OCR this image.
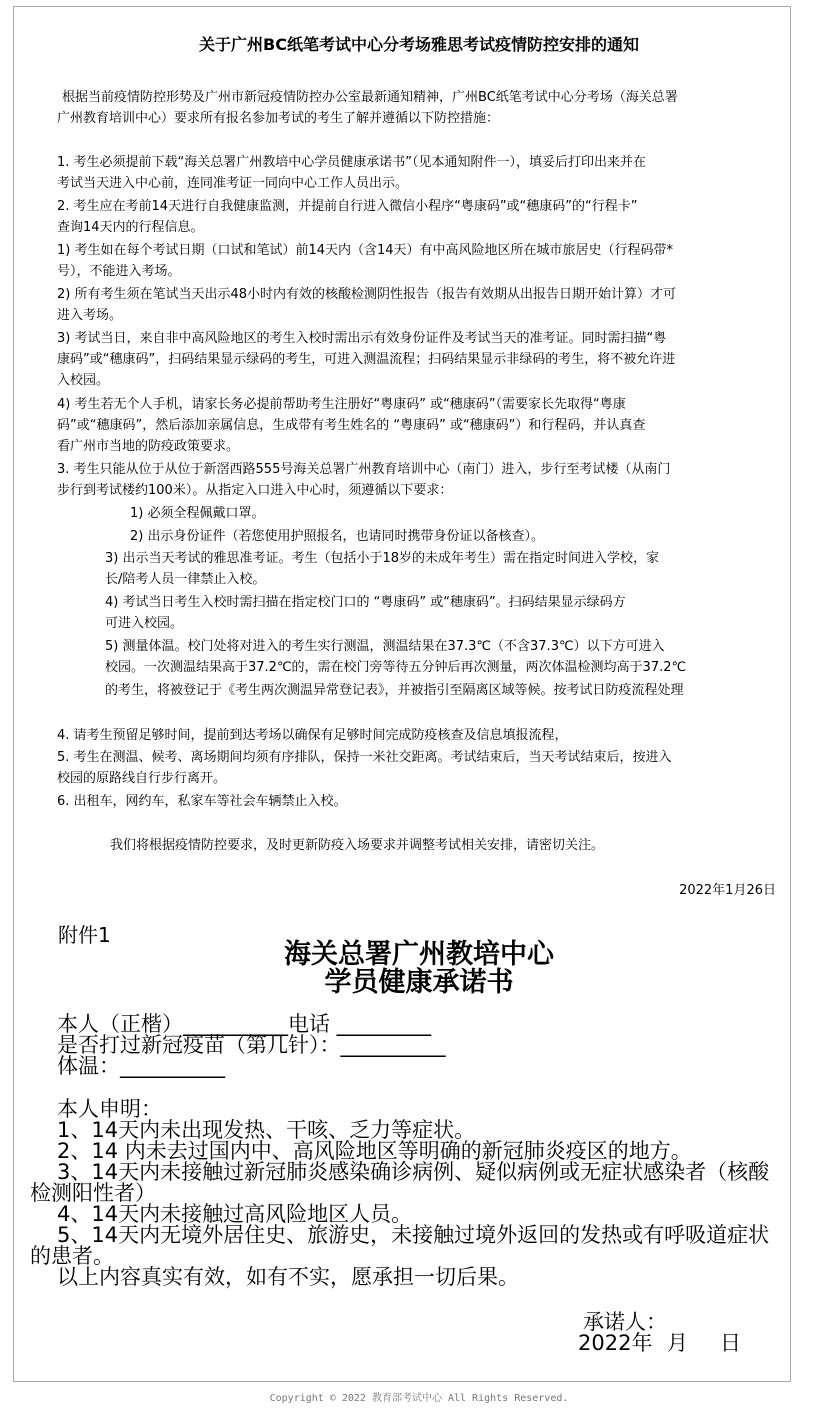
关于广州BC纸笔考试中心分考场雅思考试疫情防控安排的通知
根据当前疫情防控形势及广州市新冠疫情防控办公室最新通知精神，广州BC纸笔考试中心分考场（海关总署
广州教育培训中心）要求所有报名参加考试的考生了解并遵循以下防控措施：
1. 考生必须提前下载“海关总署广州教培中心学员健康承诺书”（见本通知附件一），填妥后打印出来并在
考试当天进入中心前，连同准考证一同向中心工作人员出示。
2. 考生应在考前14天进行自我健康监测，并提前自行进入微信小程序“粤康码”或“穗康码”的“行程卡”
查询14天内的行程信息。
1) 考生如在每个考试日期（口试和笔试）前14天内（含14天）有中高风险地区所在城市旅居史（行程码带*
号），不能进入考场。
2) 所有考生须在笔试当天出示48小时内有效的核酸检测阴性报告（报告有效期从出报告日期开始计算）才可
进入考场。
3) 考试当日，来自非中高风险地区的考生入校时需出示有效身份证件及考试当天的准考证。同时需扫描“粤
康码”或“穗康码”，扫码结果显示绿码的考生，可进入测温流程；扫码结果显示非绿码的考生，将不被允许进
入校园。
4) 考生若无个人手机，请家长务必提前帮助考生注册好“粤康码” 或“穗康码”（需要家长先取得“粤康
码”或“穗康码”，然后添加亲属信息，生成带有考生姓名的 “粤康码” 或“穗康码”）和行程码，并认真查
看广州市当地的防疫政策要求。
3. 考生只能从位于从位于新滘西路555号海关总署广州教育培训中心（南门）进入，步行至考试楼（从南门
步行到考试楼约100米）。从指定入口进入中心时，须遵循以下要求：
1) 必须全程佩戴口罩。
2) 出示身份证件（若您使用护照报名，也请同时携带身份证以备核查）。
3) 出示当天考试的雅思准考证。考生（包括小于18岁的未成年考生）需在指定时间进入学校，家
长/陪考人员一律禁止入校。
4) 考试当日考生入校时需扫描在指定校门口的 “粤康码” 或“穗康码”。扫码结果显示绿码方
可进入校园。
5) 测量体温。校门处将对进入的考生实行测温，测温结果在37.3℃（不含37.3℃）以下方可进入
校园。一次测温结果高于37.2℃的，需在校门旁等待五分钟后再次测量，两次体温检测均高于37.2℃
的考生，将被登记于《考生两次测温异常登记表》，并被指引至隔离区域等候。按考试日防疫流程处理
4. 请考生预留足够时间，提前到达考场以确保有足够时间完成防疫核查及信息填报流程，
5. 考生在测温、候考、离场期间均须有序排队，保持一米社交距离。考试结束后，当天考试结束后，按进入
校园的原路线自行步行离开。
6. 出租车，网约车，私家车等社会车辆禁止入校。
我们将根据疫情防控要求，及时更新防疫入场要求并调整考试相关安排，请密切关注。
2022年1月26日
附件1
海关总署广州教培中心
学员健康承诺书
本人（正楷）__________电话 _________
是否打过新冠疫苗（第几针）：__________
体温：__________
本人申明：
1、14天内未出现发热、干咳、乏力等症状。
2、14 内未去过国内中、高风险地区等明确的新冠肺炎疫区的地方。
3、14天内未接触过新冠肺炎感染确诊病例、疑似病例或无症状感染者（核酸
检测阳性者）
4、14天内未接触过高风险地区人员。
5、14天内无境外居住史、旅游史，未接触过境外返回的发热或有呼吸道症状
的患者。
以上内容真实有效，如有不实，愿承担一切后果。
承诺人：
2022年 月 日
Copyright © 2022 教育部考试中心 All Rights Reserved.
